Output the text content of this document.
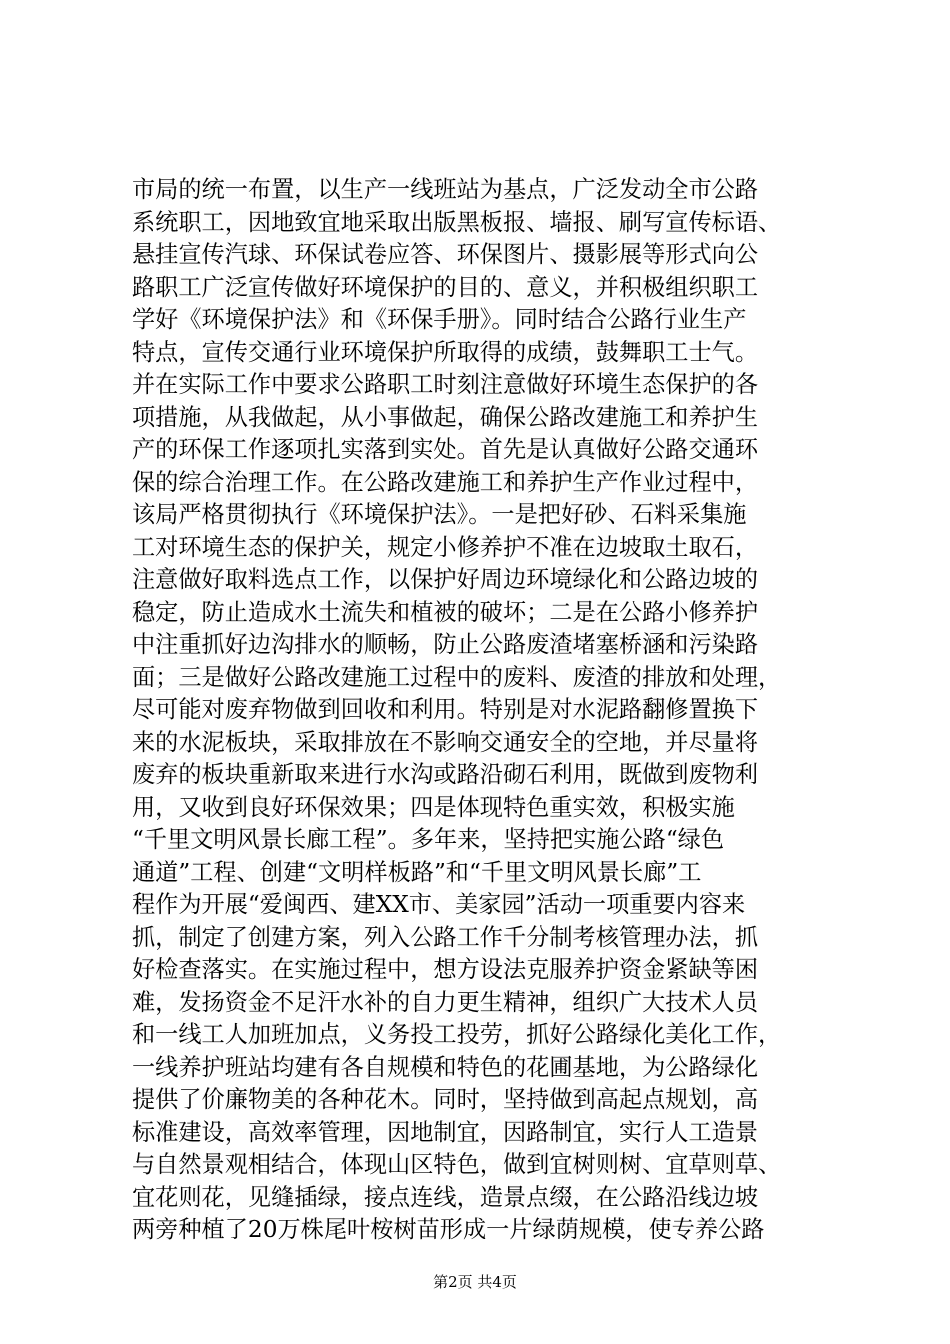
市局的统一布置，以生产一线班站为基点，广泛发动全市公路
系统职工，因地致宜地采取出版黑板报、墙报、刷写宣传标语、
悬挂宣传汽球、环保试卷应答、环保图片、摄影展等形式向公
路职工广泛宣传做好环境保护的目的、意义，并积极组织职工
学好《环境保护法》和《环保手册》。同时结合公路行业生产
特点，宣传交通行业环境保护所取得的成绩，鼓舞职工士气。
并在实际工作中要求公路职工时刻注意做好环境生态保护的各
项措施，从我做起，从小事做起，确保公路改建施工和养护生
产的环保工作逐项扎实落到实处。首先是认真做好公路交通环
保的综合治理工作。在公路改建施工和养护生产作业过程中，
该局严格贯彻执行《环境保护法》。一是把好砂、石料采集施
工对环境生态的保护关，规定小修养护不准在边坡取土取石，
注意做好取料选点工作，以保护好周边环境绿化和公路边坡的
稳定，防止造成水土流失和植被的破坏；二是在公路小修养护
中注重抓好边沟排水的顺畅，防止公路废渣堵塞桥涵和污染路
面；三是做好公路改建施工过程中的废料、废渣的排放和处理，
尽可能对废弃物做到回收和利用。特别是对水泥路翻修置换下
来的水泥板块，采取排放在不影响交通安全的空地，并尽量将
废弃的板块重新取来进行水沟或路沿砌石利用，既做到废物利
用，又收到良好环保效果；四是体现特色重实效，积极实施
“千里文明风景长廊工程”。多年来，坚持把实施公路“绿色
通道”工程、创建“文明样板路”和“千里文明风景长廊”工
程作为开展“爱闽西、建XX市、美家园”活动一项重要内容来
抓，制定了创建方案，列入公路工作千分制考核管理办法，抓
好检查落实。在实施过程中，想方设法克服养护资金紧缺等困
难，发扬资金不足汗水补的自力更生精神，组织广大技术人员
和一线工人加班加点，义务投工投劳，抓好公路绿化美化工作，
一线养护班站均建有各自规模和特色的花圃基地，为公路绿化
提供了价廉物美的各种花木。同时，坚持做到高起点规划，高
标准建设，高效率管理，因地制宜，因路制宜，实行人工造景
与自然景观相结合，体现山区特色，做到宜树则树、宜草则草、
宜花则花，见缝插绿，接点连线，造景点缀，在公路沿线边坡
两旁种植了20万株尾叶桉树苗形成一片绿荫规模，使专养公路
第2页 共4页
